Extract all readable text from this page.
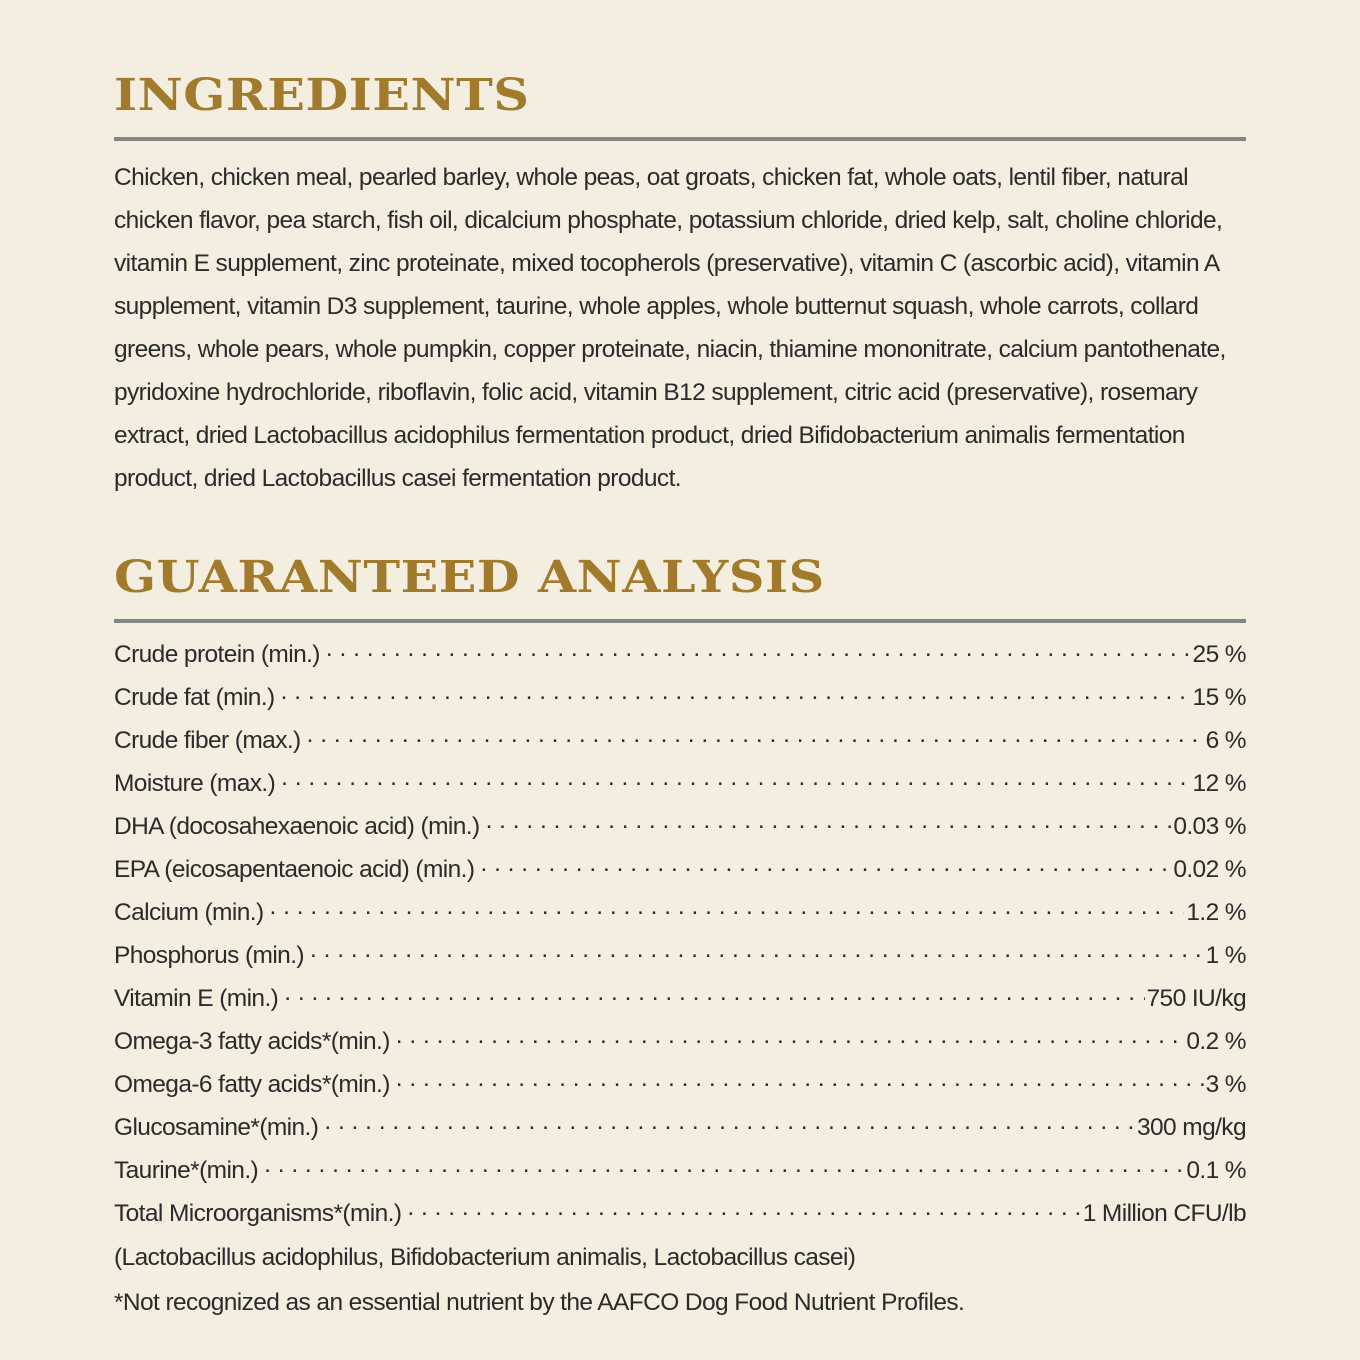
INGREDIENTS

Chicken, chicken meal, pearled barley, whole peas, oat groats, chicken fat, whole oats, lentil fiber, natural chicken flavor, pea starch, fish oil, dicalcium phosphate, potassium chloride, dried kelp, salt, choline chloride, vitamin E supplement, zinc proteinate, mixed tocopherols (preservative), vitamin C (ascorbic acid), vitamin A supplement, vitamin D3 supplement, taurine, whole apples, whole butternut squash, whole carrots, collard greens, whole pears, whole pumpkin, copper proteinate, niacin, thiamine mononitrate, calcium pantothenate, pyridoxine hydrochloride, riboflavin, folic acid, vitamin B12 supplement, citric acid (preservative), rosemary extract, dried Lactobacillus acidophilus fermentation product, dried Bifidobacterium animalis fermentation product, dried Lactobacillus casei fermentation product.

GUARANTEED ANALYSIS
Crude protein (min.) . . .	25 %
Crude fat (min.) . . .	15 %
Crude fiber (max.) . . .	6 %
Moisture (max.) . . .	12 %
DHA (docosahexaenoic acid) (min.) . . .	0.03 %
EPA (eicosapentaenoic acid) (min.) . . .	0.02 %
Calcium (min.) . . .	1.2 %
Phosphorus (min.) . . .	1 %
Vitamin E (min.) . . .	750 IU/kg
Omega-3 fatty acids*(min.) . . .	0.2 %
Omega-6 fatty acids*(min.) . . .	3 %
Glucosamine*(min.) . . .	300 mg/kg
Taurine*(min.) . . .	0.1 %
Total Microorganisms*(min.) . . .	1 Million CFU/lb

(Lactobacillus acidophilus, Bifidobacterium animalis, Lactobacillus casei)

*Not recognized as an essential nutrient by the AAFCO Dog Food Nutrient Profiles.
